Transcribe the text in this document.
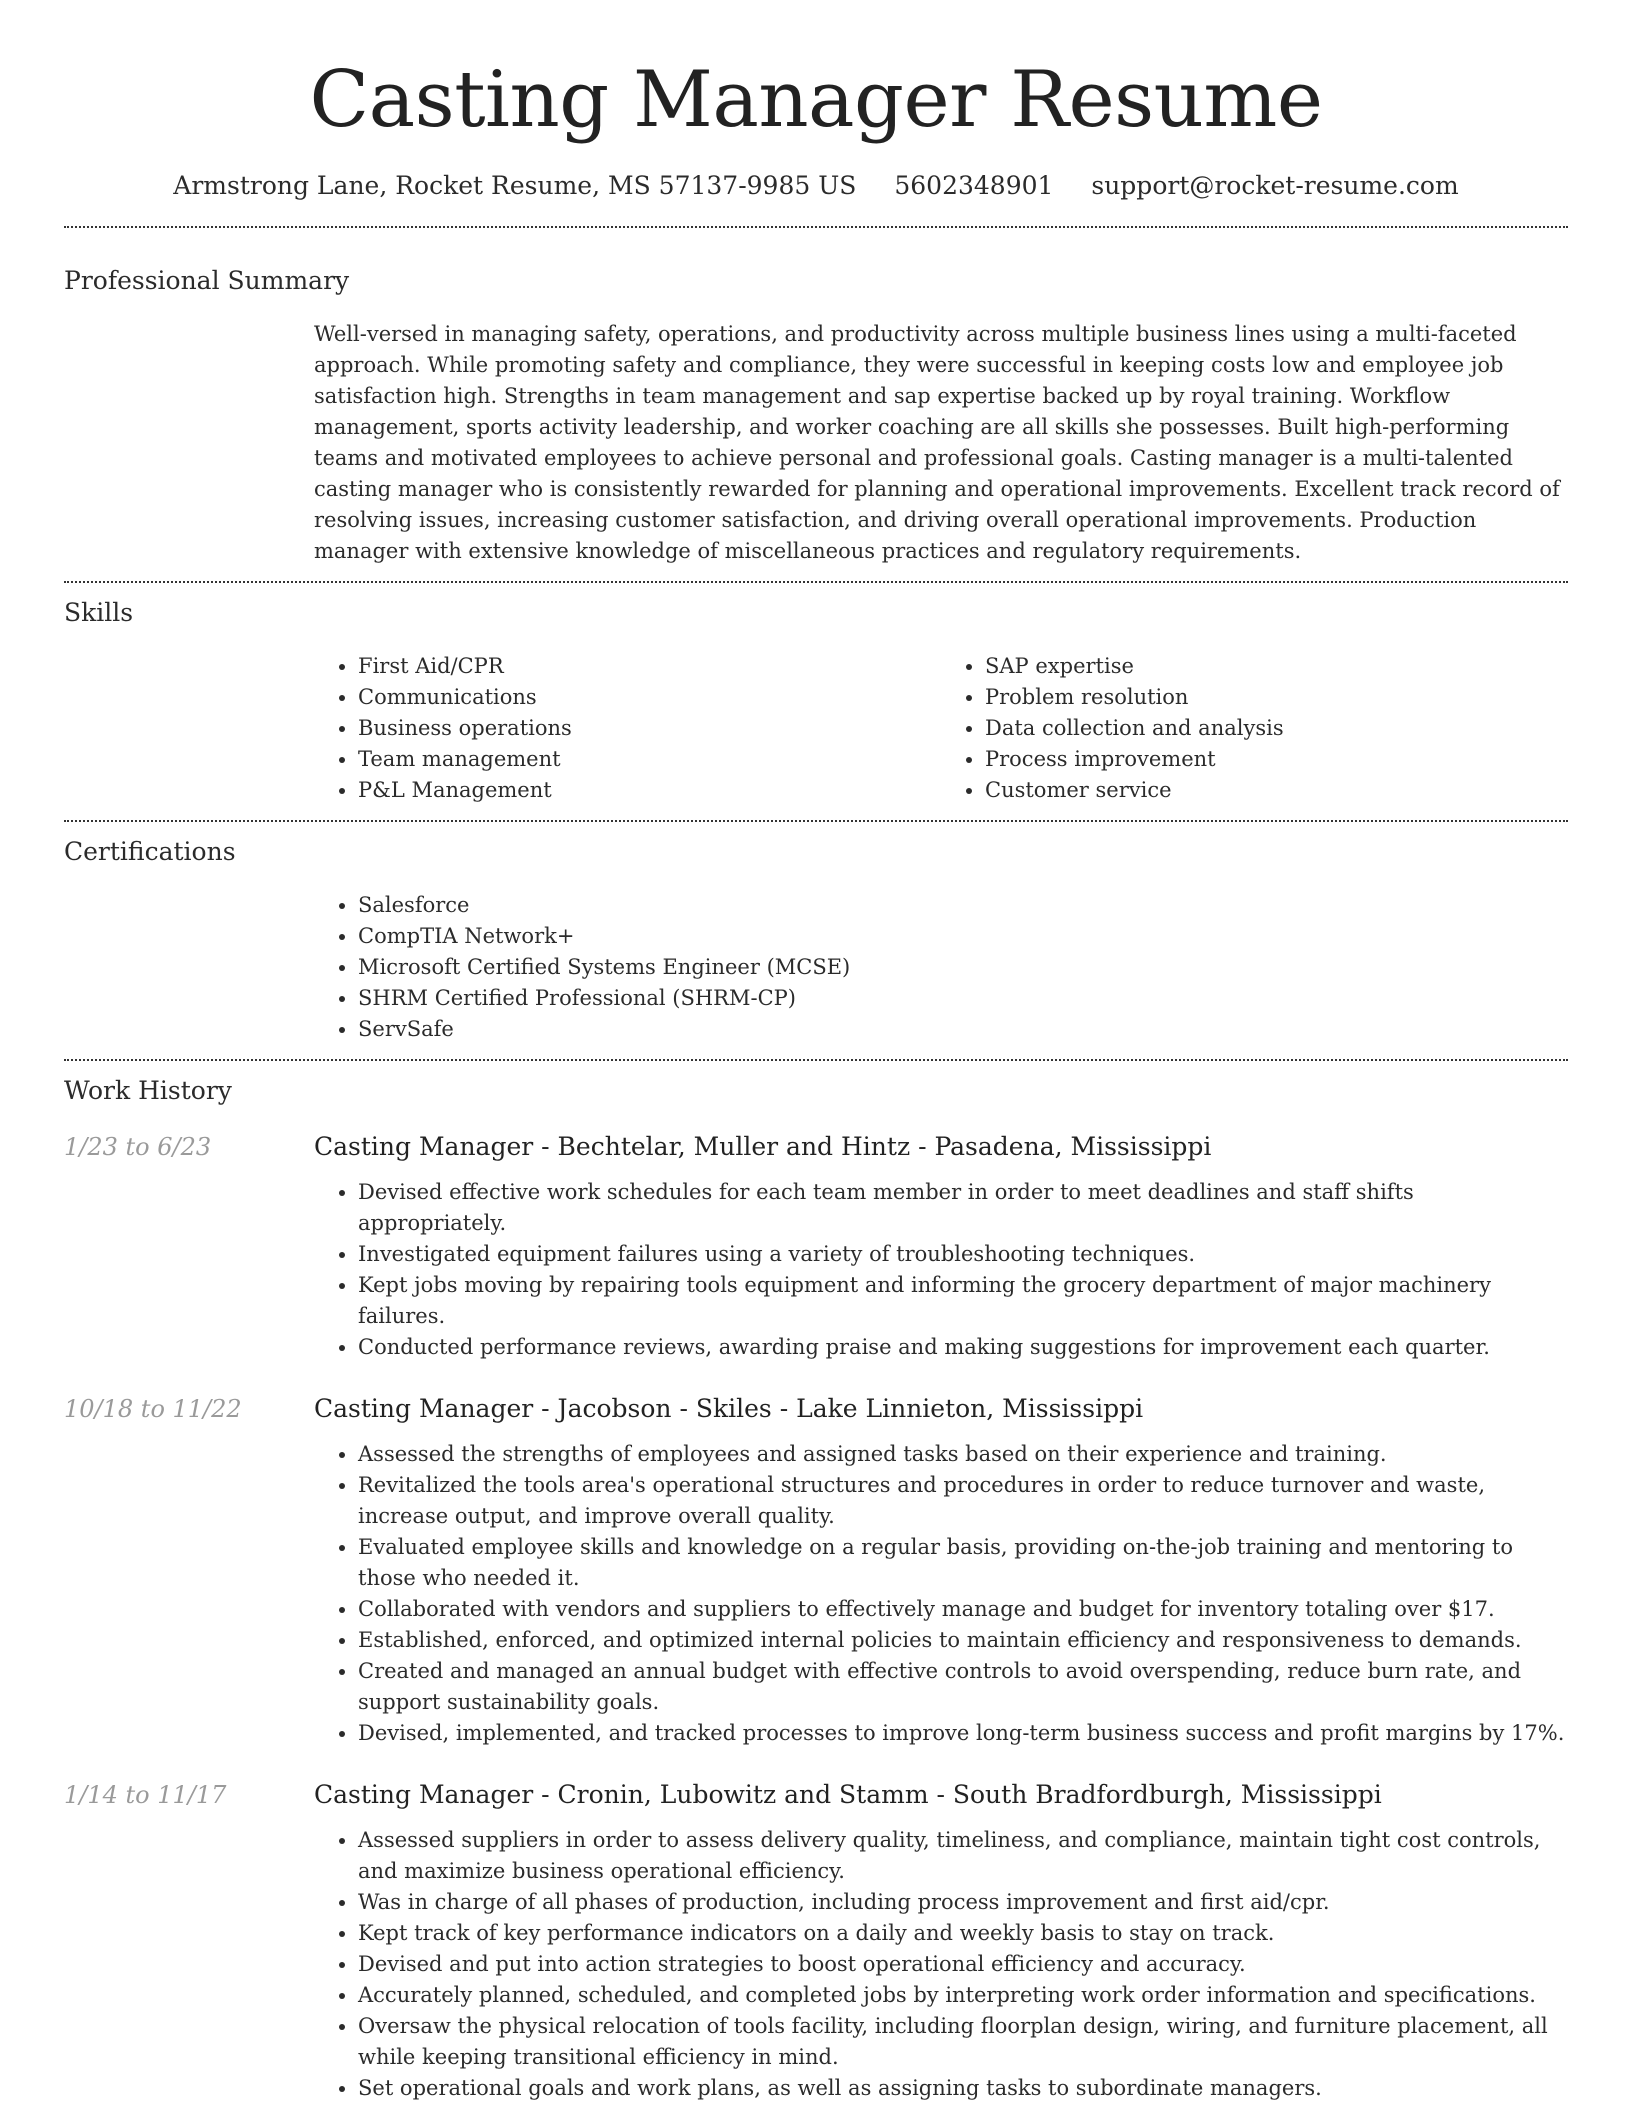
Casting Manager Resume
Armstrong Lane, Rocket Resume, MS 57137-9985 US 5602348901 support@rocket-resume.com
Professional Summary

Well-versed in managing safety, operations, and productivity across multiple business lines using a multi-faceted approach. While promoting safety and compliance, they were successful in keeping costs low and employee job satisfaction high. Strengths in team management and sap expertise backed up by royal training. Workflow management, sports activity leadership, and worker coaching are all skills she possesses. Built high-performing teams and motivated employees to achieve personal and professional goals. Casting manager is a multi-talented casting manager who is consistently rewarded for planning and operational improvements. Excellent track record of resolving issues, increasing customer satisfaction, and driving overall operational improvements. Production manager with extensive knowledge of miscellaneous practices and regulatory requirements.

Skills
• First Aid/CPR
• Communications
• Business operations
• Team management
• P&L Management
• SAP expertise
• Problem resolution
• Data collection and analysis
• Process improvement
• Customer service
Certifications
• Salesforce
• CompTIA Network+
• Microsoft Certified Systems Engineer (MCSE)
• SHRM Certified Professional (SHRM-CP)
• ServSafe
Work History
1/23 to 6/23	Casting Manager - Bechtelar, Muller and Hintz - Pasadena, Mississippi
• Devised effective work schedules for each team member in order to meet deadlines and staff shifts appropriately.
• Investigated equipment failures using a variety of troubleshooting techniques.
• Kept jobs moving by repairing tools equipment and informing the grocery department of major machinery failures.
• Conducted performance reviews, awarding praise and making suggestions for improvement each quarter.
10/18 to 11/22	Casting Manager - Jacobson - Skiles - Lake Linnieton, Mississippi
• Assessed the strengths of employees and assigned tasks based on their experience and training.
• Revitalized the tools area's operational structures and procedures in order to reduce turnover and waste, increase output, and improve overall quality.
• Evaluated employee skills and knowledge on a regular basis, providing on-the-job training and mentoring to those who needed it.
• Collaborated with vendors and suppliers to effectively manage and budget for inventory totaling over $17.
• Established, enforced, and optimized internal policies to maintain efficiency and responsiveness to demands.
• Created and managed an annual budget with effective controls to avoid overspending, reduce burn rate, and support sustainability goals.
• Devised, implemented, and tracked processes to improve long-term business success and profit margins by 17%.
1/14 to 11/17	Casting Manager - Cronin, Lubowitz and Stamm - South Bradfordburgh, Mississippi
• Assessed suppliers in order to assess delivery quality, timeliness, and compliance, maintain tight cost controls, and maximize business operational efficiency.
• Was in charge of all phases of production, including process improvement and first aid/cpr.
• Kept track of key performance indicators on a daily and weekly basis to stay on track.
• Devised and put into action strategies to boost operational efficiency and accuracy.
• Accurately planned, scheduled, and completed jobs by interpreting work order information and specifications.
• Oversaw the physical relocation of tools facility, including floorplan design, wiring, and furniture placement, all while keeping transitional efficiency in mind.
• Set operational goals and work plans, as well as assigning tasks to subordinate managers.
